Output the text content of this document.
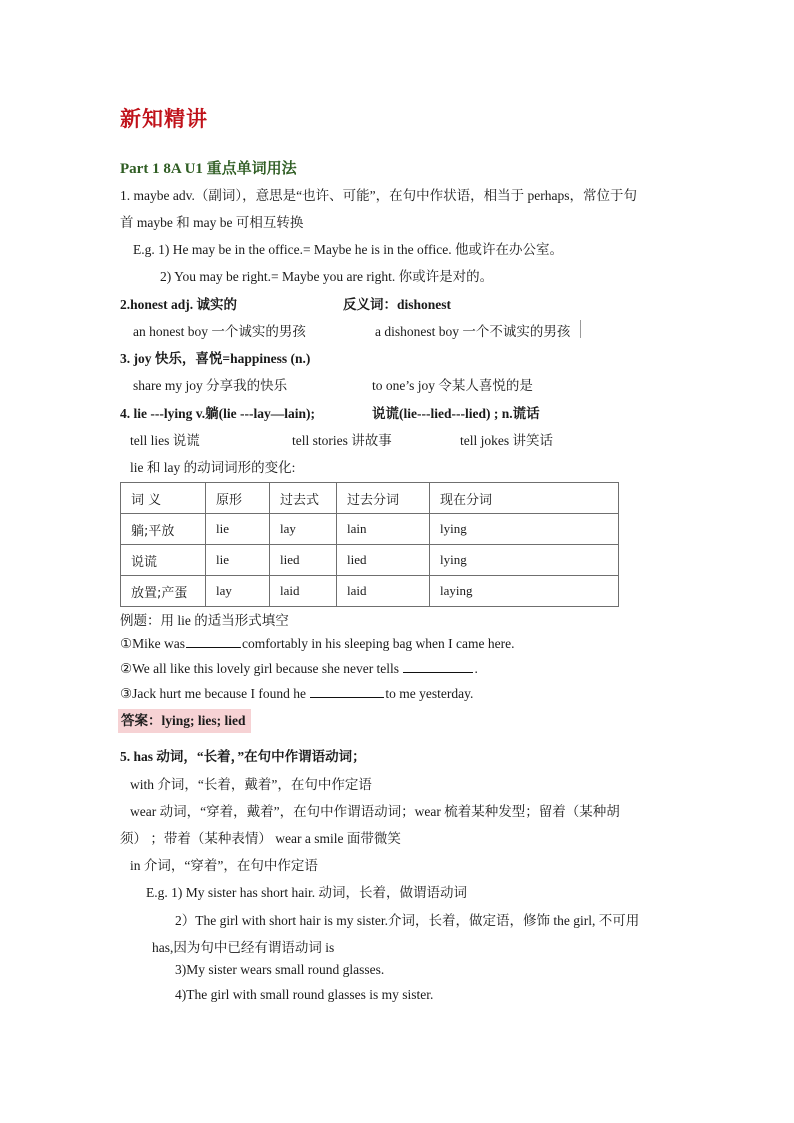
新知精讲
Part 1 8A U1 重点单词用法
1. maybe adv.（副词），意思是“也许、可能”，在句中作状语，相当于 perhaps，常位于句
首 maybe 和 may be 可相互转换
E.g. 1) He may be in the office.= Maybe he is in the office. 他或许在办公室。
2) You may be right.= Maybe you are right. 你或许是对的。
2.honest adj. 诚实的	反义词：dishonest
an honest boy 一个诚实的男孩	a dishonest boy 一个不诚实的男孩
3. joy 快乐，喜悦=happiness (n.)
share my joy 分享我的快乐	to one’s joy 令某人喜悦的是
4. lie ---lying v.躺(lie ---lay—lain);	说谎(lie---lied---lied) ; n.谎话
tell lies 说谎	tell stories 讲故事	tell jokes 讲笑话
lie 和 lay 的动词词形的变化:
词 义	原形	过去式	过去分词	现在分词
躺;平放	lie	lay	lain	lying
说谎	lie	lied	lied	lying
放置;产蛋	lay	laid	laid	laying
例题：用 lie 的适当形式填空
①Mike was	comfortably in his sleeping bag when I came here.
②We all like this lovely girl because she never tells	.
③Jack hurt me because I found he	to me yesterday.
答案：lying; lies; lied
5. has 动词，“长着，”在句中作谓语动词；
with 介词，“长着，戴着”，在句中作定语
wear 动词，“穿着，戴着”，在句中作谓语动词；wear 梳着某种发型；留着（某种胡
须） ；带着（某种表情） wear a smile 面带微笑
in 介词，“穿着”，在句中作定语
E.g. 1) My sister has short hair. 动词，长着，做谓语动词
2）The girl with short hair is my sister.介词，长着，做定语，修饰 the girl, 不可用
has,因为句中已经有谓语动词 is
3)My sister wears small round glasses.
4)The girl with small round glasses is my sister.
